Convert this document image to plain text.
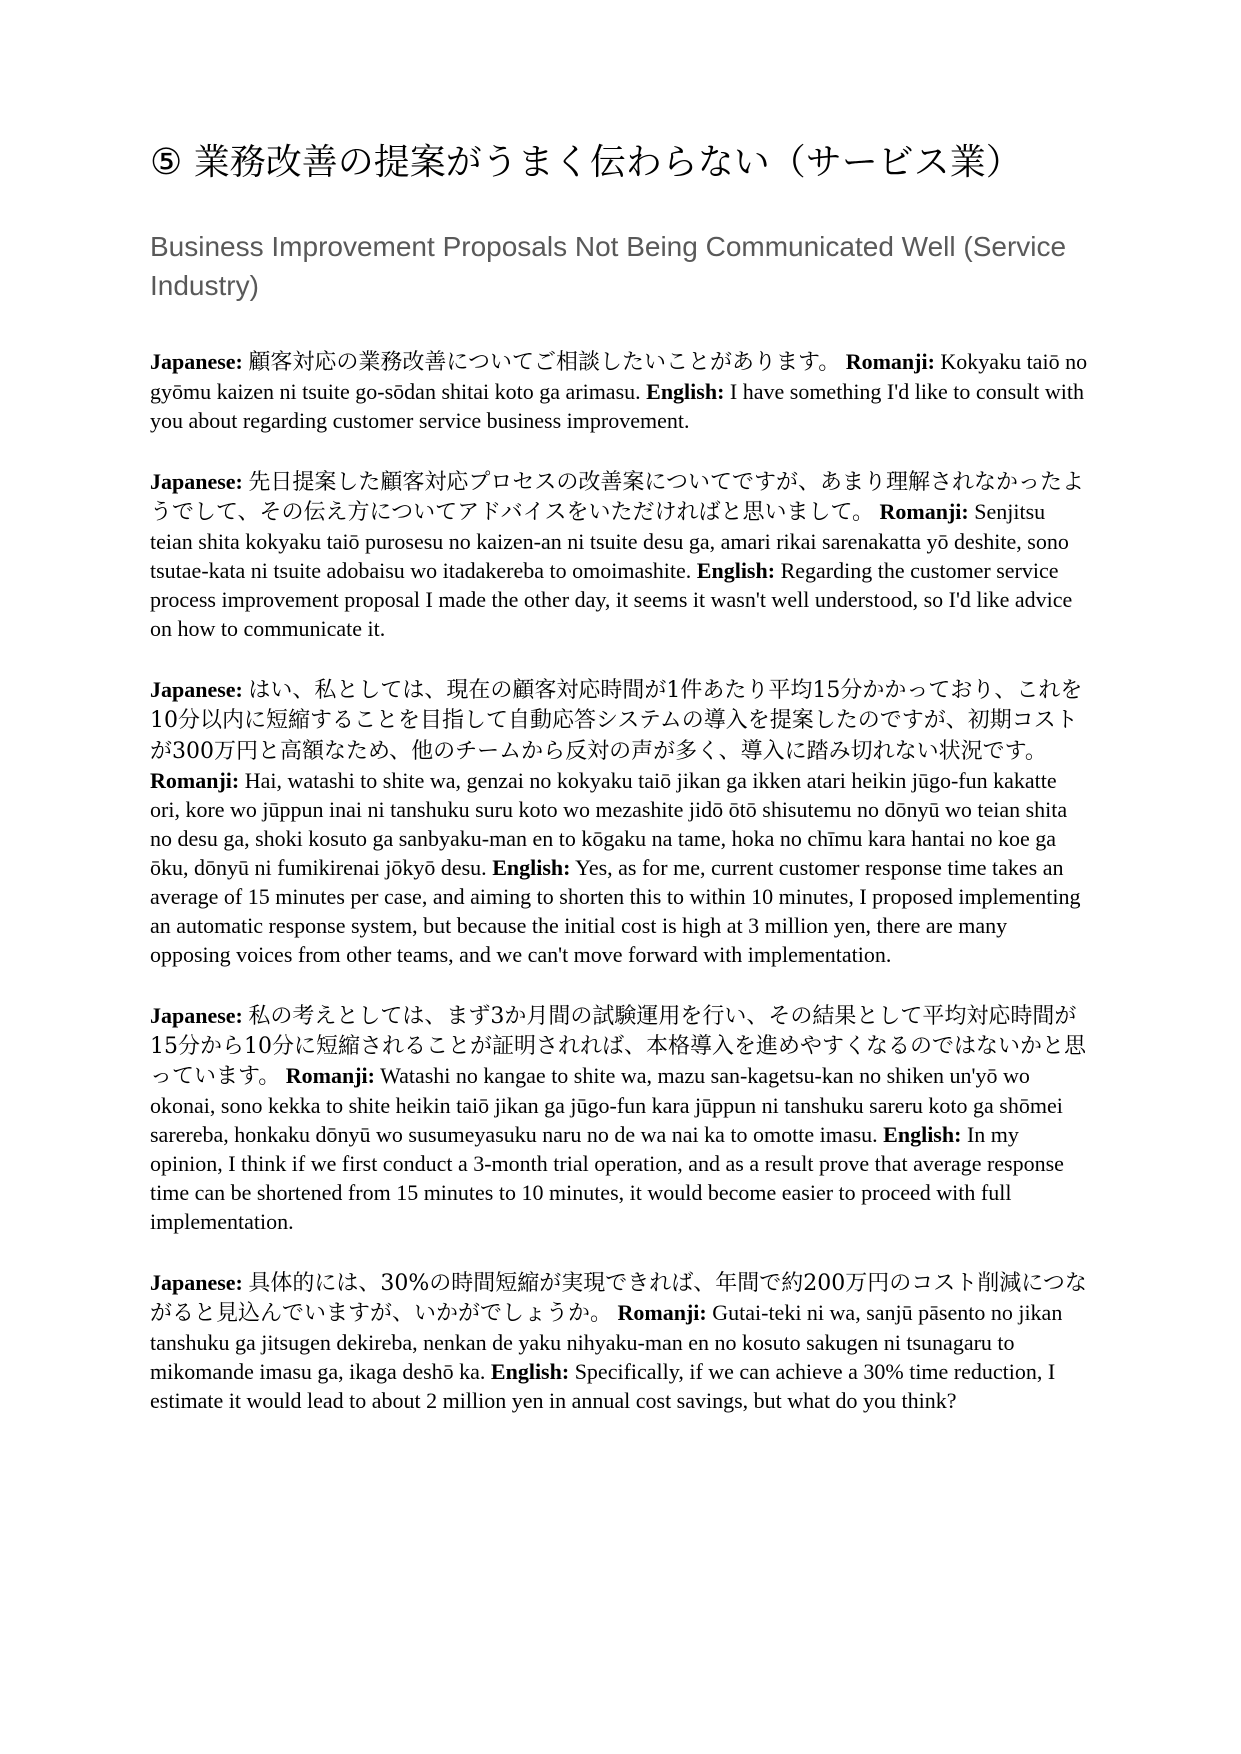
⑤ 業務改善の提案がうまく伝わらない（サービス業）
Business Improvement Proposals Not Being Communicated Well (Service Industry)

Japanese: 顧客対応の業務改善についてご相談したいことがあります。 Romanji: Kokyaku taiō no gyōmu kaizen ni tsuite go-sōdan shitai koto ga arimasu. English: I have something I'd like to consult with you about regarding customer service business improvement.

Japanese: 先日提案した顧客対応プロセスの改善案についてですが、あまり理解されなかったようでして、その伝え方についてアドバイスをいただければと思いまして。 Romanji: Senjitsu teian shita kokyaku taiō purosesu no kaizen-an ni tsuite desu ga, amari rikai sarenakatta yō deshite, sono tsutae-kata ni tsuite adobaisu wo itadakereba to omoimashite. English: Regarding the customer service process improvement proposal I made the other day, it seems it wasn't well understood, so I'd like advice on how to communicate it.

Japanese: はい、私としては、現在の顧客対応時間が1件あたり平均15分かかっており、これを10分以内に短縮することを目指して自動応答システムの導入を提案したのですが、初期コストが300万円と高額なため、他のチームから反対の声が多く、導入に踏み切れない状況です。 Romanji: Hai, watashi to shite wa, genzai no kokyaku taiō jikan ga ikken atari heikin jūgo-fun kakatte ori, kore wo jūppun inai ni tanshuku suru koto wo mezashite jidō ōtō shisutemu no dōnyū wo teian shita no desu ga, shoki kosuto ga sanbyaku-man en to kōgaku na tame, hoka no chīmu kara hantai no koe ga ōku, dōnyū ni fumikirenai jōkyō desu. English: Yes, as for me, current customer response time takes an average of 15 minutes per case, and aiming to shorten this to within 10 minutes, I proposed implementing an automatic response system, but because the initial cost is high at 3 million yen, there are many opposing voices from other teams, and we can't move forward with implementation.

Japanese: 私の考えとしては、まず3か月間の試験運用を行い、その結果として平均対応時間が15分から10分に短縮されることが証明されれば、本格導入を進めやすくなるのではないかと思っています。 Romanji: Watashi no kangae to shite wa, mazu san-kagetsu-kan no shiken un'yō wo okonai, sono kekka to shite heikin taiō jikan ga jūgo-fun kara jūppun ni tanshuku sareru koto ga shōmei sarereba, honkaku dōnyū wo susumeyasuku naru no de wa nai ka to omotte imasu. English: In my opinion, I think if we first conduct a 3-month trial operation, and as a result prove that average response time can be shortened from 15 minutes to 10 minutes, it would become easier to proceed with full implementation.

Japanese: 具体的には、30%の時間短縮が実現できれば、年間で約200万円のコスト削減につながると見込んでいますが、いかがでしょうか。 Romanji: Gutai-teki ni wa, sanjū pāsento no jikan tanshuku ga jitsugen dekireba, nenkan de yaku nihyaku-man en no kosuto sakugen ni tsunagaru to mikomande imasu ga, ikaga deshō ka. English: Specifically, if we can achieve a 30% time reduction, I estimate it would lead to about 2 million yen in annual cost savings, but what do you think?
